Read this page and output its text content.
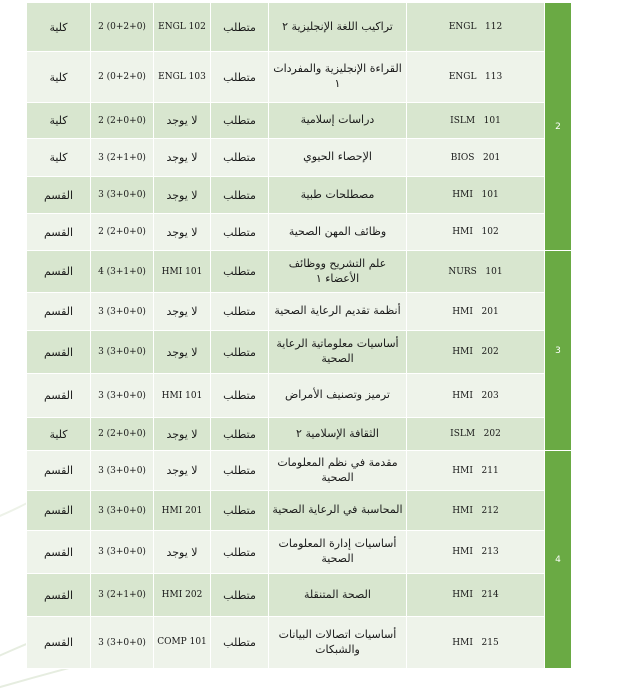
كلية	2 (0+2+0)	ENGL 102	متطلب	تراكيب اللغة الإنجليزية ٢	ENGL   112	2
كلية	2 (0+2+0)	ENGL 103	متطلب	القراءة الإنجليزية والمفردات ١	ENGL   113	
كلية	2 (2+0+0)	لا يوجد	متطلب	دراسات إسلامية	ISLM   101	
كلية	3 (2+1+0)	لا يوجد	متطلب	الإحصاء الحيوي	BIOS   201	
القسم	3 (3+0+0)	لا يوجد	متطلب	مصطلحات طبية	HMI   101	
القسم	2 (2+0+0)	لا يوجد	متطلب	وظائف المهن الصحية	HMI   102	
القسم	4 (3+1+0)	HMI 101	متطلب	علم التشريح ووظائف الأعضاء ١	NURS   101	3
القسم	3 (3+0+0)	لا يوجد	متطلب	أنظمة تقديم الرعاية الصحية	HMI   201	
القسم	3 (3+0+0)	لا يوجد	متطلب	أساسيات معلوماتية الرعاية الصحية	HMI   202	
القسم	3 (3+0+0)	HMI 101	متطلب	ترميز وتصنيف الأمراض	HMI   203	
كلية	2 (2+0+0)	لا يوجد	متطلب	الثقافة الإسلامية ٢	ISLM   202	
القسم	3 (3+0+0)	لا يوجد	متطلب	مقدمة في نظم المعلومات الصحية	HMI   211	4
القسم	3 (3+0+0)	HMI 201	متطلب	المحاسبة في الرعاية الصحية	HMI   212	
القسم	3 (3+0+0)	لا يوجد	متطلب	أساسيات إدارة المعلومات الصحية	HMI   213	
القسم	3 (2+1+0)	HMI 202	متطلب	الصحة المتنقلة	HMI   214	
القسم	3 (3+0+0)	COMP 101	متطلب	أساسيات اتصالات البيانات والشبكات	HMI   215	
